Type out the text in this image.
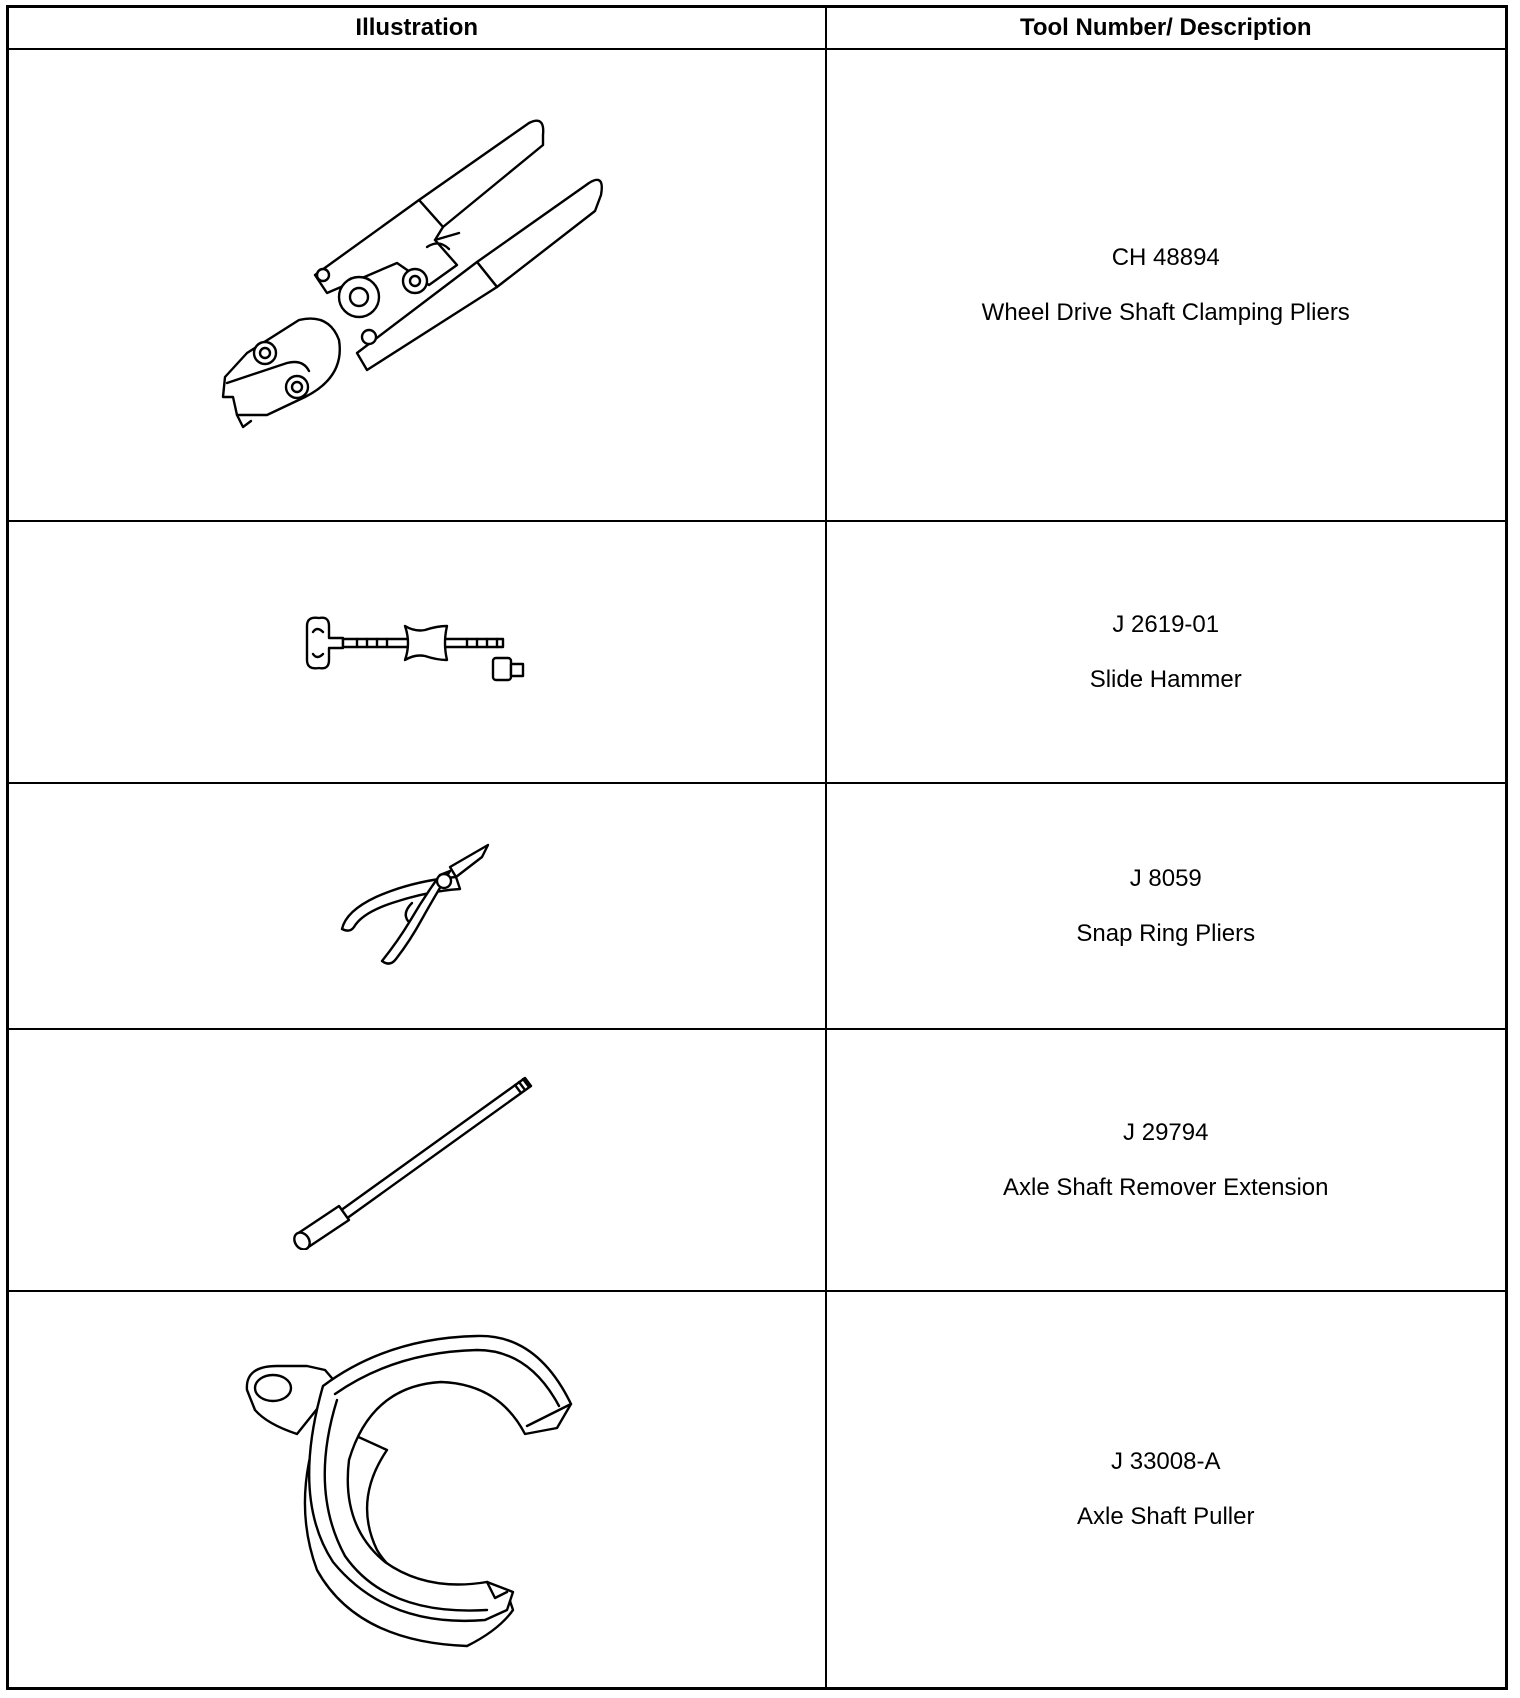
Illustration	Tool Number/ Description

CH 48894
Wheel Drive Shaft Clamping Pliers

J 2619-01
Slide Hammer

J 8059
Snap Ring Pliers

J 29794
Axle Shaft Remover Extension

J 33008-A
Axle Shaft Puller
